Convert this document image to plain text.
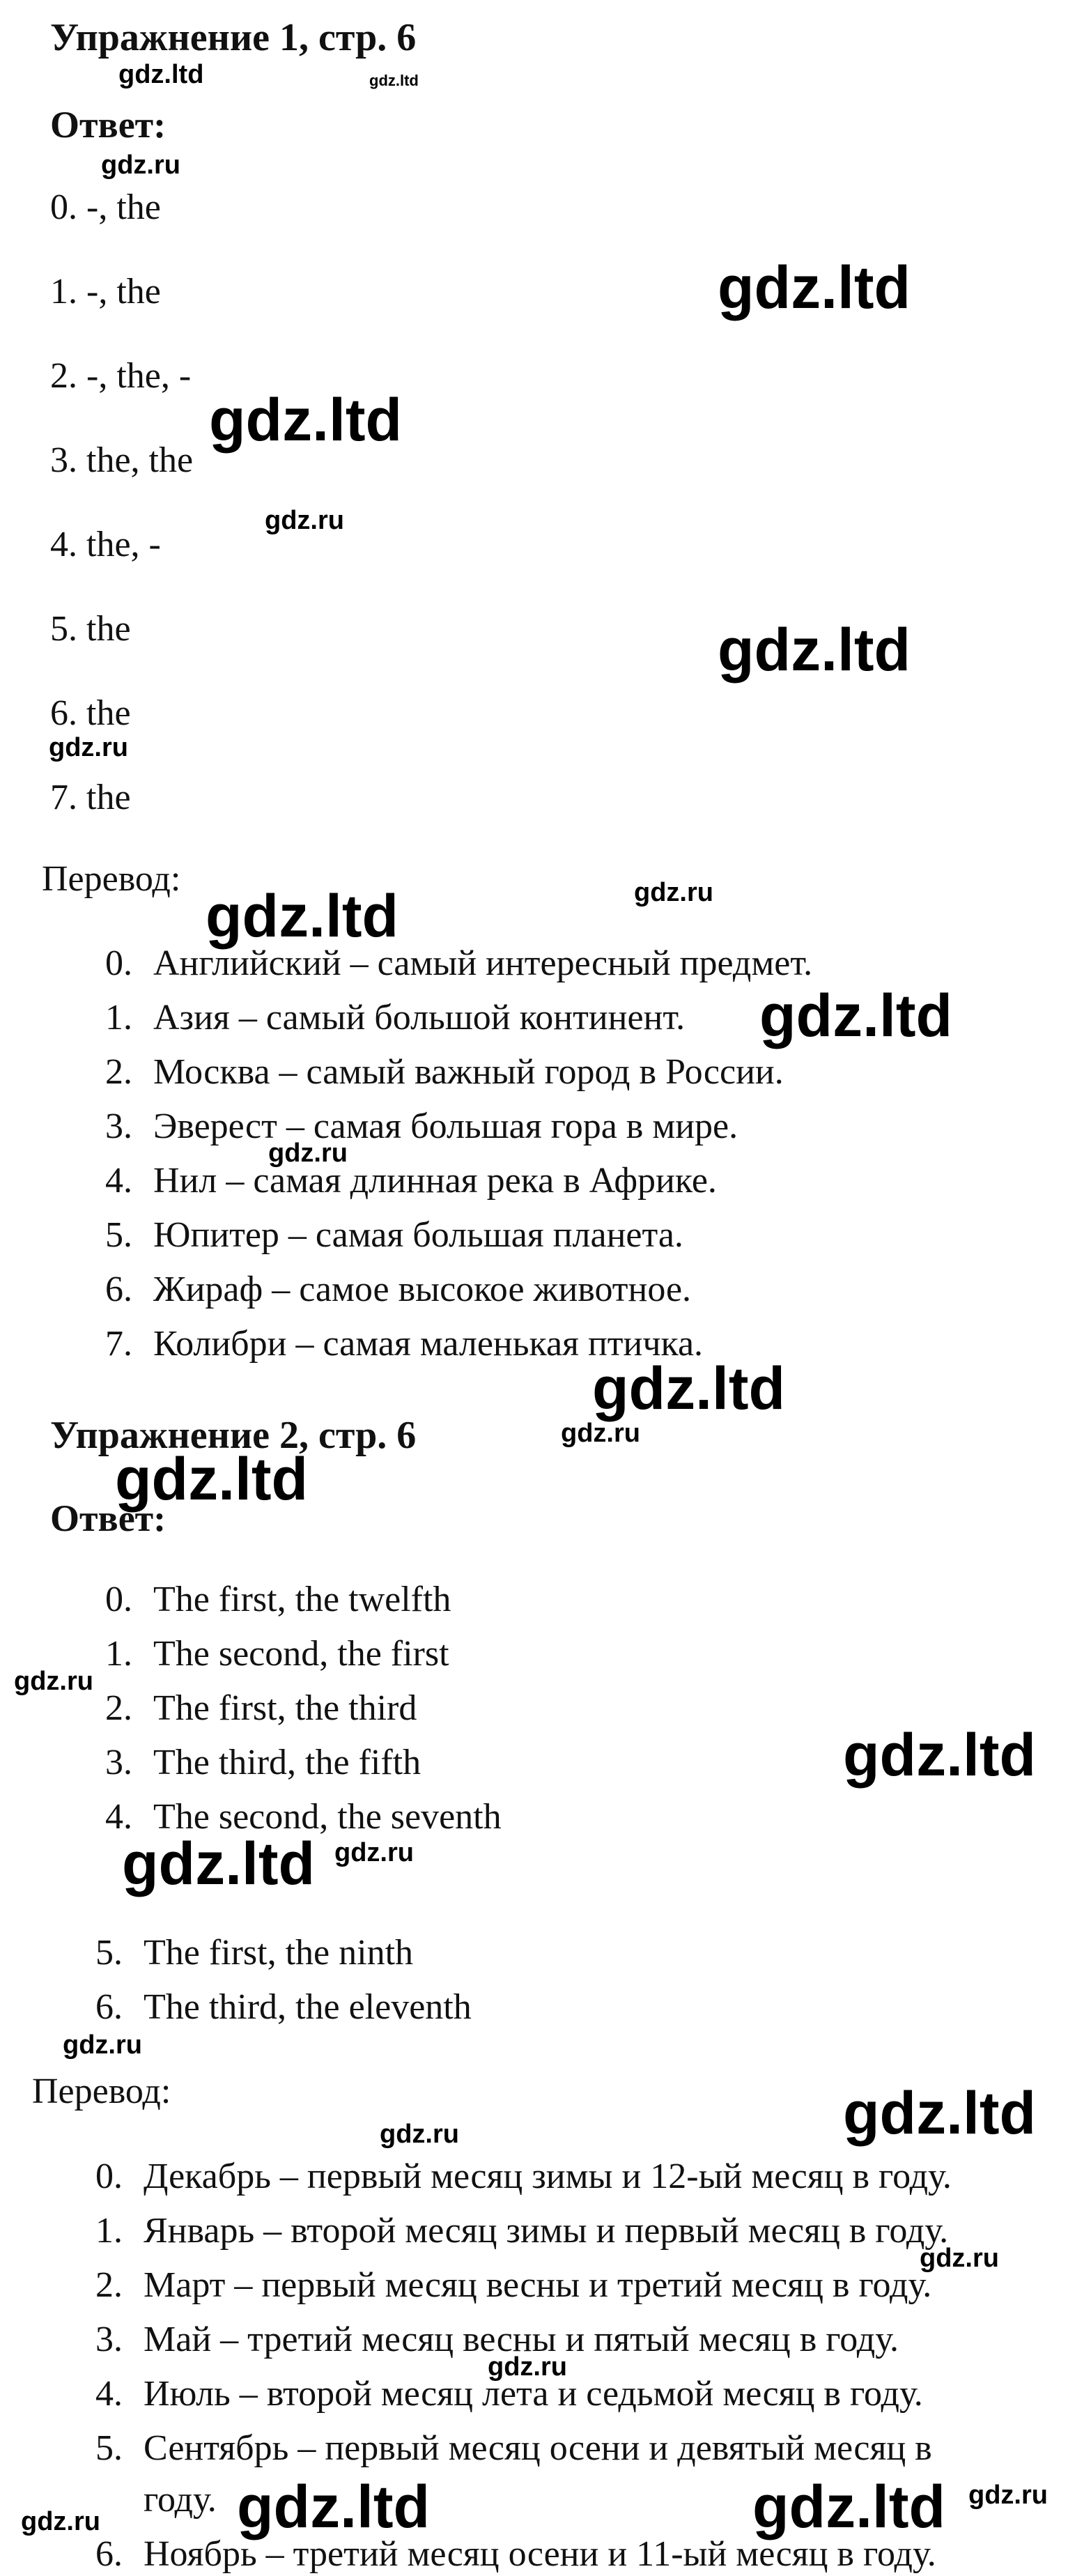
Упражнение 1, стр. 6
Ответ:
0. -, the
1. -, the
2. -, the, -
3. the, the
4. the, -
5. the
6. the
7. the
Перевод:
0. Английский – самый интересный предмет.
1. Азия – самый большой континент.
2. Москва – самый важный город в России.
3. Эверест – самая большая гора в мире.
4. Нил – самая длинная река в Африке.
5. Юпитер – самая большая планета.
6. Жираф – самое высокое животное.
7. Колибри – самая маленькая птичка.
Упражнение 2, стр. 6
Ответ:
0. The first, the twelfth
1. The second, the first
2. The first, the third
3. The third, the fifth
4. The second, the seventh
5. The first, the ninth
6. The third, the eleventh
Перевод:
0. Декабрь – первый месяц зимы и 12-ый месяц в году.
1. Январь – второй месяц зимы и первый месяц в году.
2. Март – первый месяц весны и третий месяц в году.
3. Май – третий месяц весны и пятый месяц в году.
4. Июль – второй месяц лета и седьмой месяц в году.
5. Сентябрь – первый месяц осени и девятый месяц в
году.
6. Ноябрь – третий месяц осени и 11-ый месяц в году.
gdz.ltd	gdz.ltd
gdz.ru
gdz.ltd
gdz.ltd
gdz.ru
gdz.ltd
gdz.ru
gdz.ru
gdz.ltd
gdz.ltd
gdz.ru
gdz.ltd
gdz.ru
gdz.ltd
gdz.ru
gdz.ltd
gdz.ltd gdz.ru
gdz.ru
gdz.ltd
gdz.ru
gdz.ru
gdz.ru
gdz.ru gdz.ltd	gdz.ltd gdz.ru
